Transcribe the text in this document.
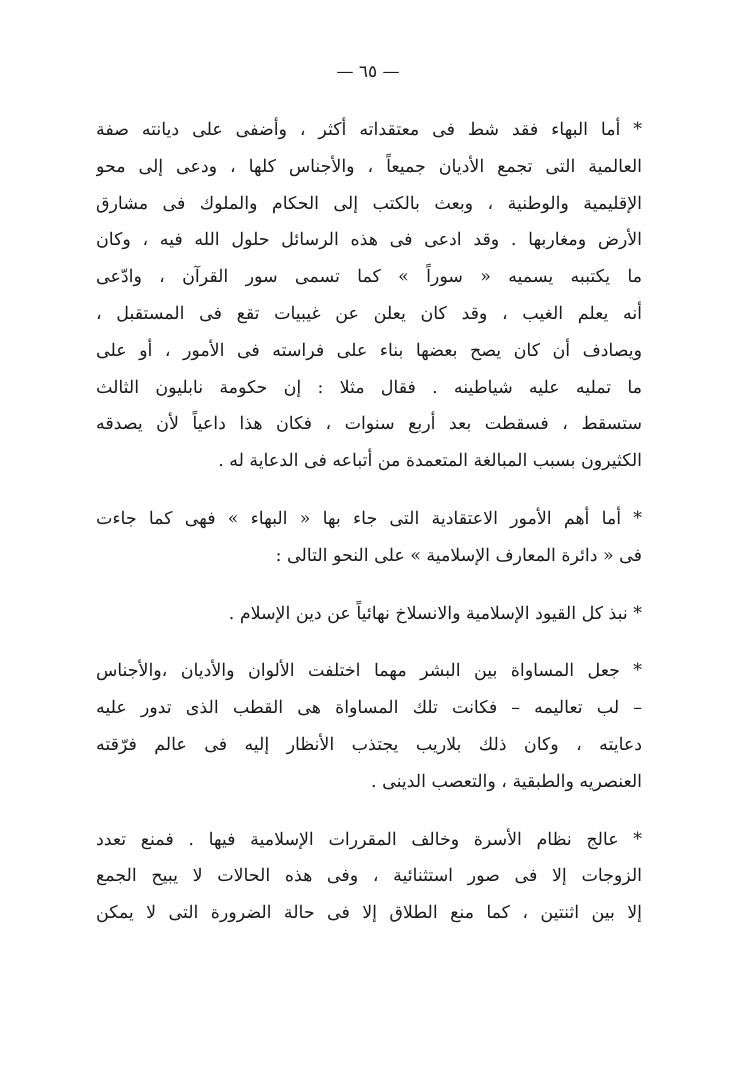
— ٦٥ —
* أما البهاء فقد شط فى معتقداته أكثر ، وأضفى على ديانته صفة
العالمية التى تجمع الأديان جميعاً ، والأجناس كلها ، ودعى إلى محو
الإقليمية والوطنية ، وبعث بالكتب إلى الحكام والملوك فى مشارق
الأرض ومغاربها . وقد ادعى فى هذه الرسائل حلول الله فيه ، وكان
ما يكتببه يسميه « سوراً » كما تسمى سور القرآن ، وادّعى
أنه يعلم الغيب ، وقد كان يعلن عن غيبيات تقع فى المستقبل ،
ويصادف أن كان يصح بعضها بناء على فراسته فى الأمور ، أو على
ما تمليه عليه شياطينه . فقال مثلا : إن حكومة نابليون الثالث
ستسقط ، فسقطت بعد أربع سنوات ، فكان هذا داعياً لأن يصدقه
الكثيرون بسبب المبالغة المتعمدة من أتباعه فى الدعاية له .
* أما أهم الأمور الاعتقادية التى جاء بها « البهاء » فهى كما جاءت
فى « دائرة المعارف الإسلامية » على النحو التالى :
* نبذ كل القيود الإسلامية والانسلاخ نهائياً عن دين الإسلام .
* جعل المساواة بين البشر مهما اختلفت الألوان والأديان ،والأجناس
– لب تعاليمه – فكانت تلك المساواة هى القطب الذى تدور عليه
دعايته ، وكان ذلك بلاريب يجتذب الأنظار إليه فى عالم فرّقته
العنصريه والطبقية ، والتعصب الدينى .
* عالج نظام الأسرة وخالف المقررات الإسلامية فيها . فمنع تعدد
الزوجات إلا فى صور استثنائية ، وفى هذه الحالات لا يبيح الجمع
إلا بين اثنتين ، كما منع الطلاق إلا فى حالة الضرورة التى لا يمكن
